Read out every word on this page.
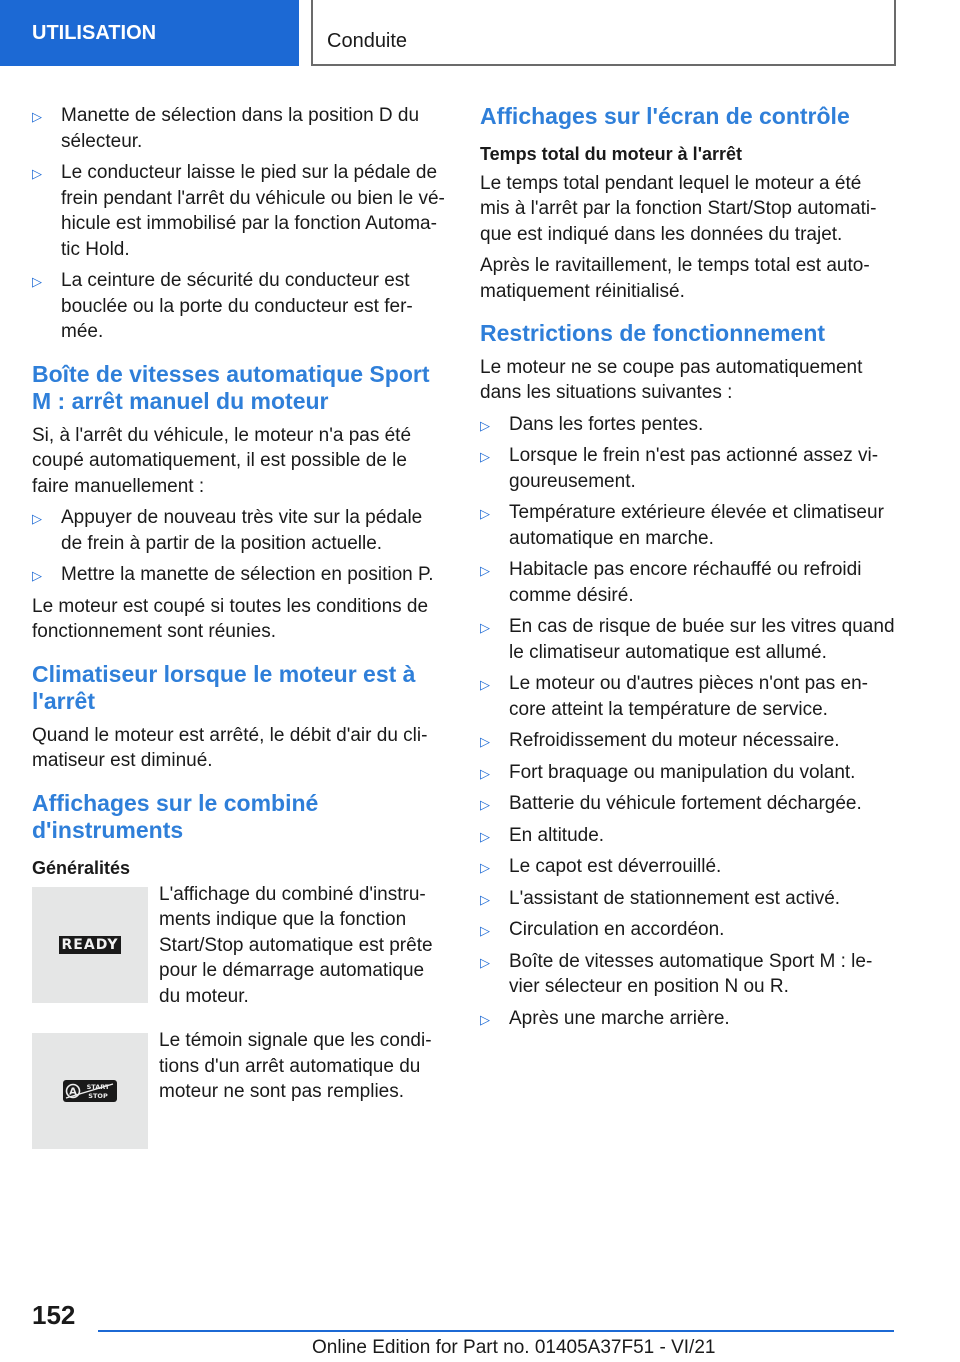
UTILISATION	Conduite
▷	Manette de sélection dans la position D du sélecteur.
▷	Le conducteur laisse le pied sur la pédale de frein pendant l'arrêt du véhicule ou bien le véhicule est immobilisé par la fonction Automatic Hold.
▷	La ceinture de sécurité du conducteur est bouclée ou la porte du conducteur est fermée.
Boîte de vitesses automatique Sport M : arrêt manuel du moteur

Si, à l'arrêt du véhicule, le moteur n'a pas été coupé automatiquement, il est possible de le faire manuellement :

▷	Appuyer de nouveau très vite sur la pédale de frein à partir de la position actuelle.
▷	Mettre la manette de sélection en position P.

Le moteur est coupé si toutes les conditions de fonctionnement sont réunies.

Climatiseur lorsque le moteur est à l'arrêt

Quand le moteur est arrêté, le débit d'air du climatiseur est diminué.

Affichages sur le combiné d'instruments
Généralités
READY
L'affichage du combiné d'instruments indique que la fonction Start/Stop automatique est prête pour le démarrage automatique du moteur.
A START
STOP
Le témoin signale que les conditions d'un arrêt automatique du moteur ne sont pas remplies.
Affichages sur l'écran de contrôle
Temps total du moteur à l'arrêt

Le temps total pendant lequel le moteur a été mis à l'arrêt par la fonction Start/Stop automatique est indiqué dans les données du trajet.

Après le ravitaillement, le temps total est automatiquement réinitialisé.

Restrictions de fonctionnement

Le moteur ne se coupe pas automatiquement dans les situations suivantes :

▷	Dans les fortes pentes.
▷	Lorsque le frein n'est pas actionné assez vigoureusement.
▷	Température extérieure élevée et climatiseur automatique en marche.
▷	Habitacle pas encore réchauffé ou refroidi comme désiré.
▷	En cas de risque de buée sur les vitres quand le climatiseur automatique est allumé.
▷	Le moteur ou d'autres pièces n'ont pas encore atteint la température de service.
▷	Refroidissement du moteur nécessaire.
▷	Fort braquage ou manipulation du volant.
▷	Batterie du véhicule fortement déchargée.
▷	En altitude.
▷	Le capot est déverrouillé.
▷	L'assistant de stationnement est activé.
▷	Circulation en accordéon.
▷	Boîte de vitesses automatique Sport M : levier sélecteur en position N ou R.
▷	Après une marche arrière.
152
Online Edition for Part no. 01405A37F51 - VI/21
